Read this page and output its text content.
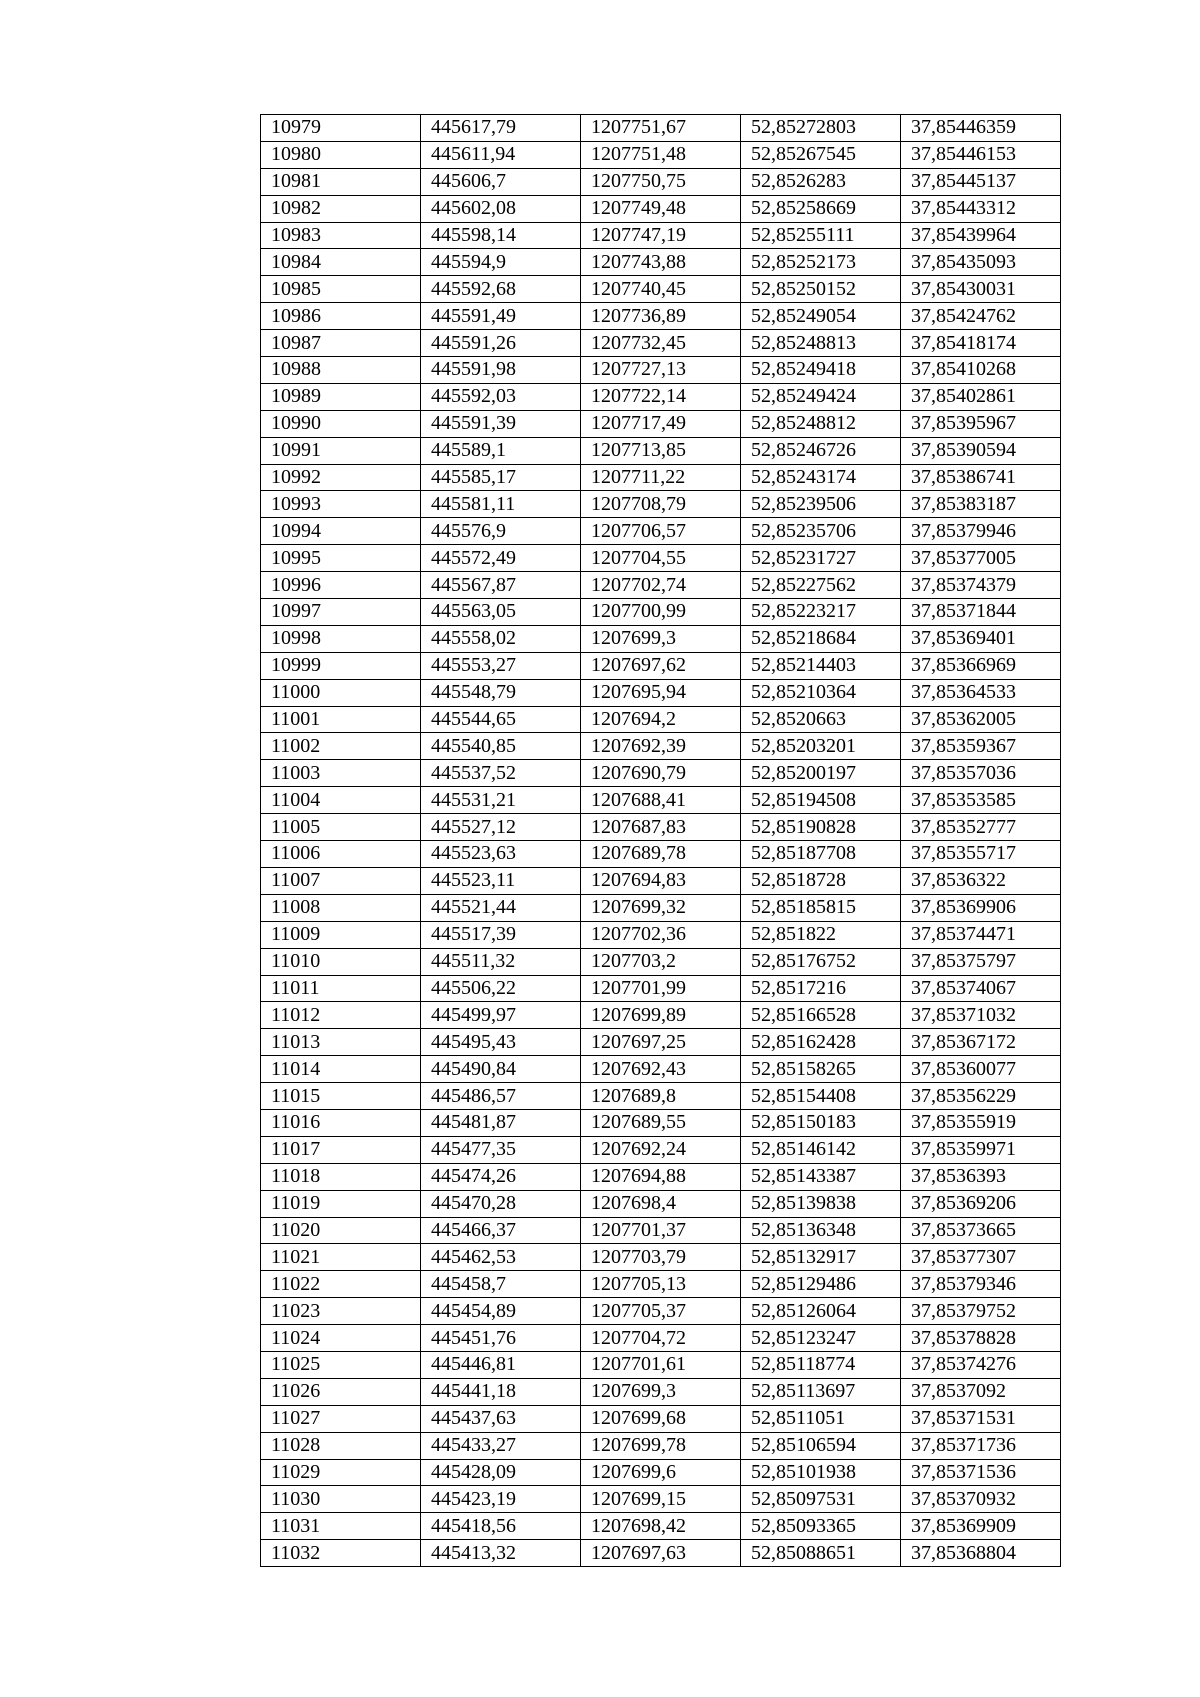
10979	445617,79	1207751,67	52,85272803	37,85446359
10980	445611,94	1207751,48	52,85267545	37,85446153
10981	445606,7	1207750,75	52,8526283	37,85445137
10982	445602,08	1207749,48	52,85258669	37,85443312
10983	445598,14	1207747,19	52,85255111	37,85439964
10984	445594,9	1207743,88	52,85252173	37,85435093
10985	445592,68	1207740,45	52,85250152	37,85430031
10986	445591,49	1207736,89	52,85249054	37,85424762
10987	445591,26	1207732,45	52,85248813	37,85418174
10988	445591,98	1207727,13	52,85249418	37,85410268
10989	445592,03	1207722,14	52,85249424	37,85402861
10990	445591,39	1207717,49	52,85248812	37,85395967
10991	445589,1	1207713,85	52,85246726	37,85390594
10992	445585,17	1207711,22	52,85243174	37,85386741
10993	445581,11	1207708,79	52,85239506	37,85383187
10994	445576,9	1207706,57	52,85235706	37,85379946
10995	445572,49	1207704,55	52,85231727	37,85377005
10996	445567,87	1207702,74	52,85227562	37,85374379
10997	445563,05	1207700,99	52,85223217	37,85371844
10998	445558,02	1207699,3	52,85218684	37,85369401
10999	445553,27	1207697,62	52,85214403	37,85366969
11000	445548,79	1207695,94	52,85210364	37,85364533
11001	445544,65	1207694,2	52,8520663	37,85362005
11002	445540,85	1207692,39	52,85203201	37,85359367
11003	445537,52	1207690,79	52,85200197	37,85357036
11004	445531,21	1207688,41	52,85194508	37,85353585
11005	445527,12	1207687,83	52,85190828	37,85352777
11006	445523,63	1207689,78	52,85187708	37,85355717
11007	445523,11	1207694,83	52,8518728	37,8536322
11008	445521,44	1207699,32	52,85185815	37,85369906
11009	445517,39	1207702,36	52,851822	37,85374471
11010	445511,32	1207703,2	52,85176752	37,85375797
11011	445506,22	1207701,99	52,8517216	37,85374067
11012	445499,97	1207699,89	52,85166528	37,85371032
11013	445495,43	1207697,25	52,85162428	37,85367172
11014	445490,84	1207692,43	52,85158265	37,85360077
11015	445486,57	1207689,8	52,85154408	37,85356229
11016	445481,87	1207689,55	52,85150183	37,85355919
11017	445477,35	1207692,24	52,85146142	37,85359971
11018	445474,26	1207694,88	52,85143387	37,8536393
11019	445470,28	1207698,4	52,85139838	37,85369206
11020	445466,37	1207701,37	52,85136348	37,85373665
11021	445462,53	1207703,79	52,85132917	37,85377307
11022	445458,7	1207705,13	52,85129486	37,85379346
11023	445454,89	1207705,37	52,85126064	37,85379752
11024	445451,76	1207704,72	52,85123247	37,85378828
11025	445446,81	1207701,61	52,85118774	37,85374276
11026	445441,18	1207699,3	52,85113697	37,8537092
11027	445437,63	1207699,68	52,8511051	37,85371531
11028	445433,27	1207699,78	52,85106594	37,85371736
11029	445428,09	1207699,6	52,85101938	37,85371536
11030	445423,19	1207699,15	52,85097531	37,85370932
11031	445418,56	1207698,42	52,85093365	37,85369909
11032	445413,32	1207697,63	52,85088651	37,85368804
